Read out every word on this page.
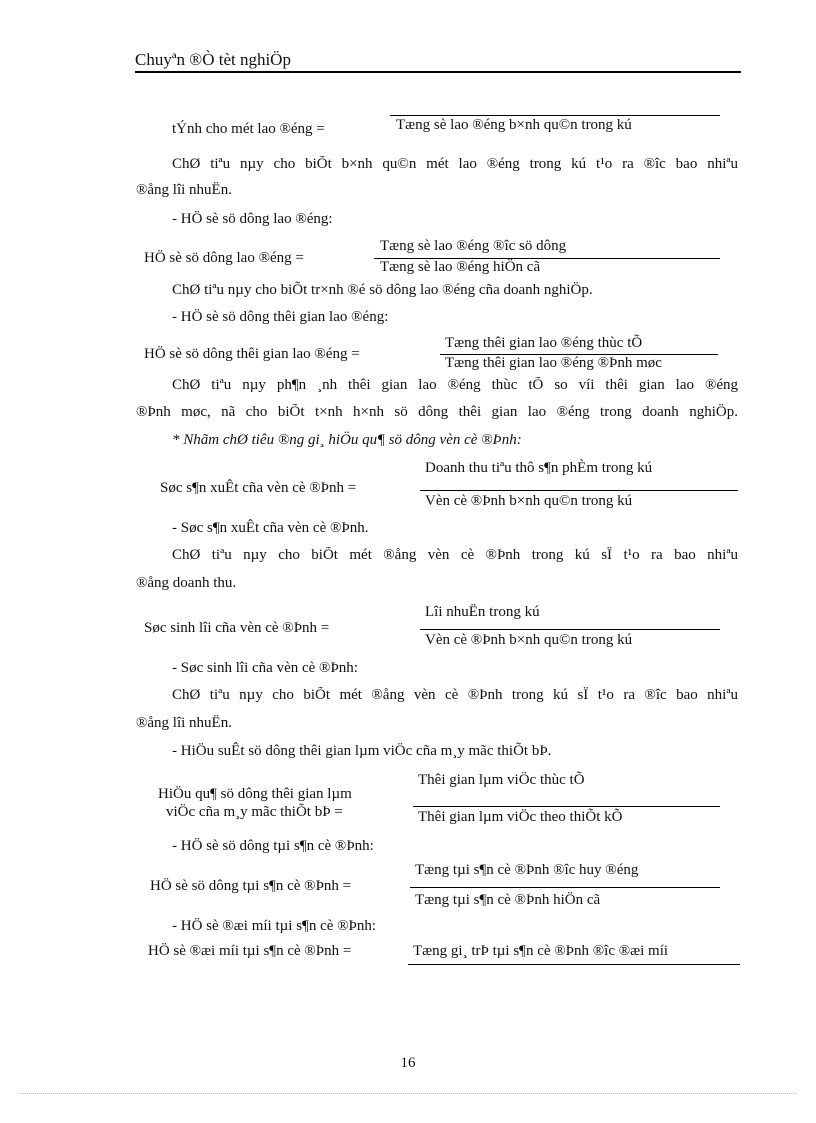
Chuyªn ®Ò tèt nghiÖp
tÝnh cho mét lao ®éng =	Tæng sè lao ®éng b×nh qu©n trong kú
ChØ tiªu nµy cho biÕt b×nh qu©n mét lao ®éng trong kú t¹o ra ®îc bao nhiªu
®ång lîi nhuËn.
- HÖ sè sö dông lao ®éng:
HÖ sè sö dông lao ®éng =
Tæng sè lao ®éng ®îc sö dông
Tæng sè lao ®éng hiÖn cã
ChØ tiªu nµy cho biÕt tr×nh ®é sö dông lao ®éng cña doanh nghiÖp.
- HÖ sè sö dông thêi gian lao ®éng:
HÖ sè sö dông thêi gian lao ®éng =
Tæng thêi gian lao ®éng thùc tÕ
Tæng thêi gian lao ®éng ®Þnh møc
ChØ tiªu nµy ph¶n ¸nh thêi gian lao ®éng thùc tÕ so víi thêi gian lao ®éng
®Þnh møc, nã cho biÕt t×nh h×nh sö dông thêi gian lao ®éng trong doanh nghiÖp.
* Nhãm chØ tiêu ®ng gi¸ hiÖu qu¶ sö dông vèn cè ®Þnh:
Doanh thu tiªu thô s¶n phÈm trong kú
Søc s¶n xuÊt cña vèn cè ®Þnh =
Vèn cè ®Þnh b×nh qu©n trong kú
- Søc s¶n xuÊt cña vèn cè ®Þnh.
ChØ tiªu nµy cho biÕt mét ®ång vèn cè ®Þnh trong kú sÏ t¹o ra bao nhiªu
®ång doanh thu.
Lîi nhuËn trong kú
Søc sinh lîi cña vèn cè ®Þnh =
Vèn cè ®Þnh b×nh qu©n trong kú
- Søc sinh lîi cña vèn cè ®Þnh:
ChØ tiªu nµy cho biÕt mét ®ång vèn cè ®Þnh trong kú sÏ t¹o ra ®îc bao nhiªu
®ång lîi nhuËn.
- HiÖu suÊt sö dông thêi gian lµm viÖc cña m¸y mãc thiÕt bÞ.
Thêi gian lµm viÖc thùc tÕ
HiÖu qu¶ sö dông thêi gian lµm
viÖc cña m¸y mãc thiÕt bÞ =	Thêi gian lµm viÖc theo thiÕt kÕ
- HÖ sè sö dông tµi s¶n cè ®Þnh:
Tæng tµi s¶n cè ®Þnh ®îc huy ®éng
HÖ sè sö dông tµi s¶n cè ®Þnh =
Tæng tµi s¶n cè ®Þnh hiÖn cã
- HÖ sè ®æi míi tµi s¶n cè ®Þnh:
HÖ sè ®æi míi tµi s¶n cè ®Þnh =	Tæng gi¸ trÞ tµi s¶n cè ®Þnh ®îc ®æi míi
16
